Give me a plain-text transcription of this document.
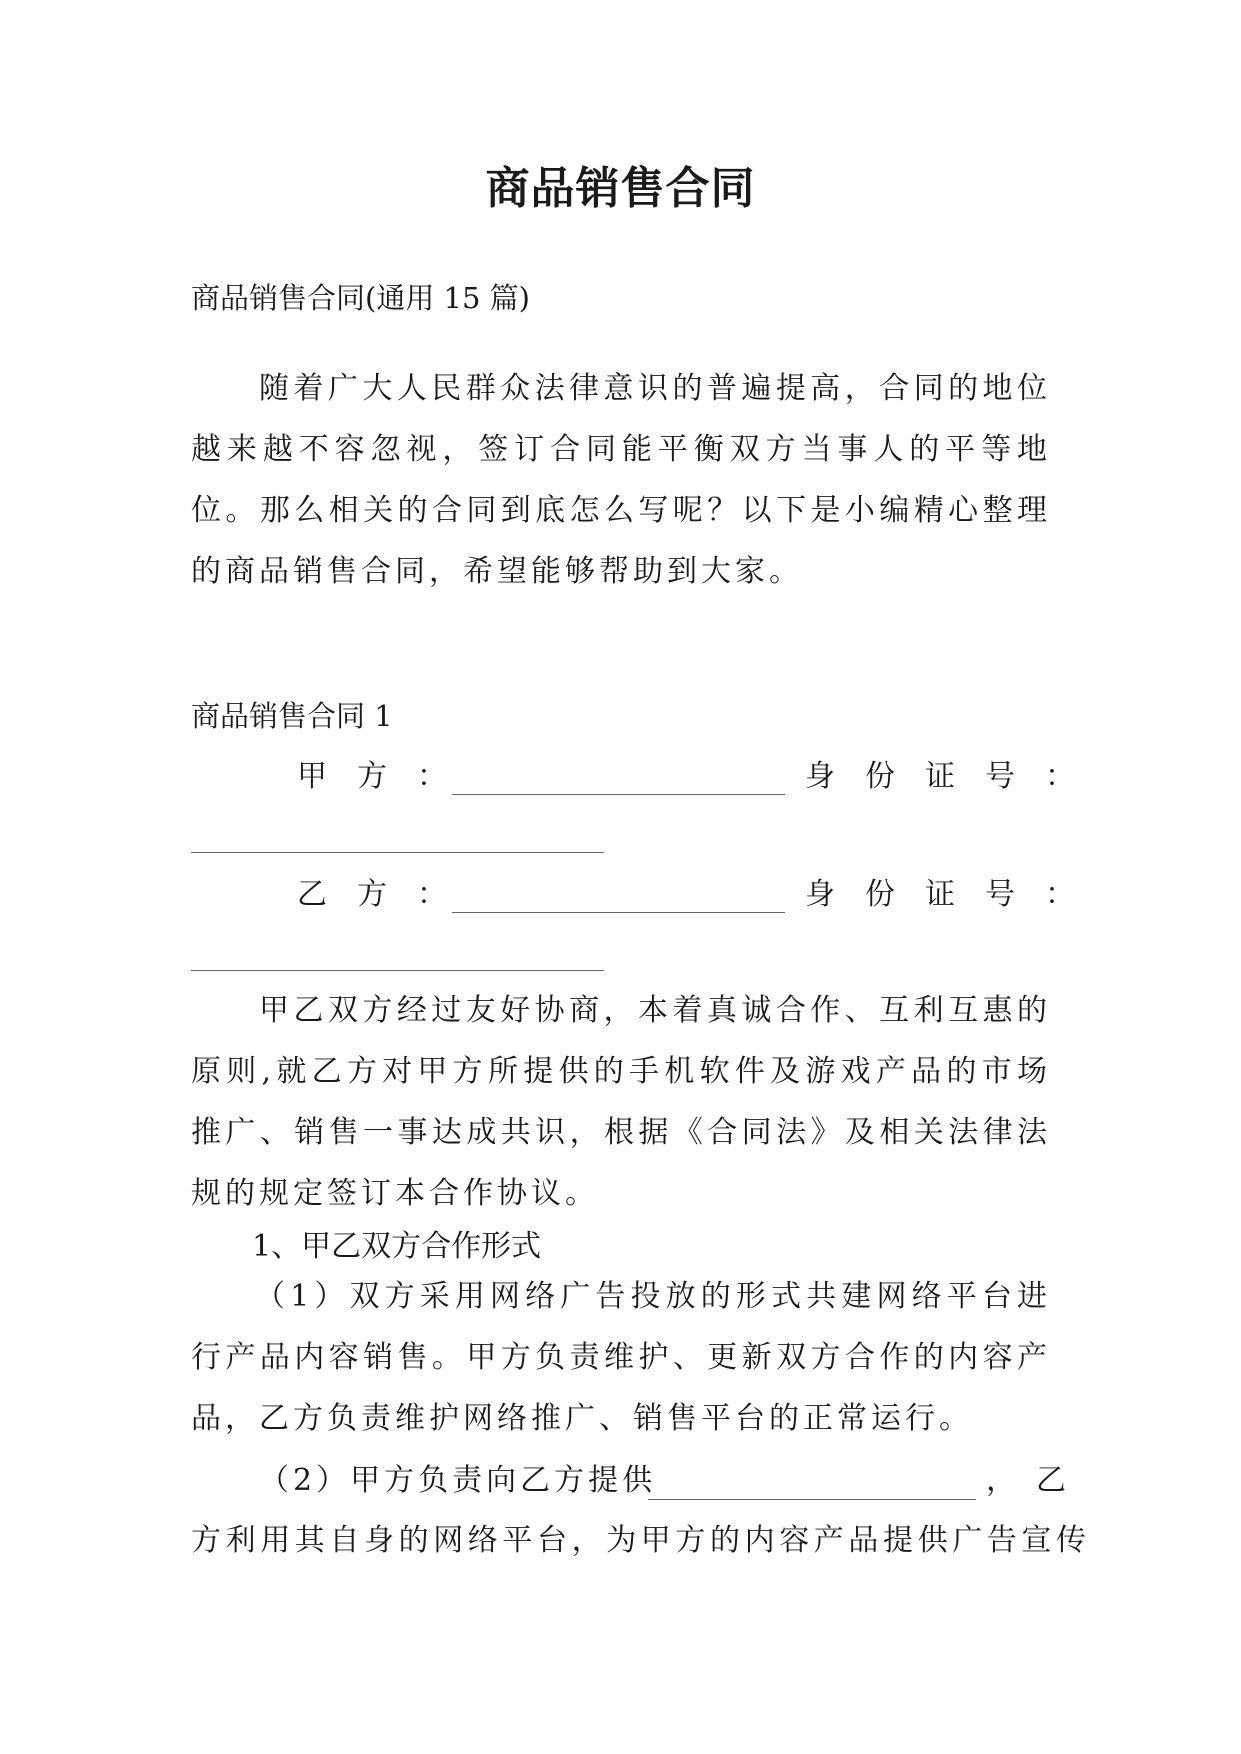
商品销售合同
商品销售合同(通用 15 篇)
随着广大人民群众法律意识的普遍提高，合同的地位越来越不容忽视，签订合同能平衡双方当事人的平等地位。那么相关的合同到底怎么写呢？以下是小编精心整理的商品销售合同，希望能够帮助到大家。
商品销售合同 1
甲　方　：	身　份　证　号　：
乙　方　：	身　份　证　号　：
甲乙双方经过友好协商，本着真诚合作、互利互惠的原则,就乙方对甲方所提供的手机软件及游戏产品的市场推广、销售一事达成共识，根据《合同法》及相关法律法规的规定签订本合作协议。
1、甲乙双方合作形式
（1）双方采用网络广告投放的形式共建网络平台进行产品内容销售。甲方负责维护、更新双方合作的内容产品，乙方负责维护网络推广、销售平台的正常运行。
（2）甲方负责向乙方提供	，乙
方利用其自身的网络平台，为甲方的内容产品提供广告宣传
